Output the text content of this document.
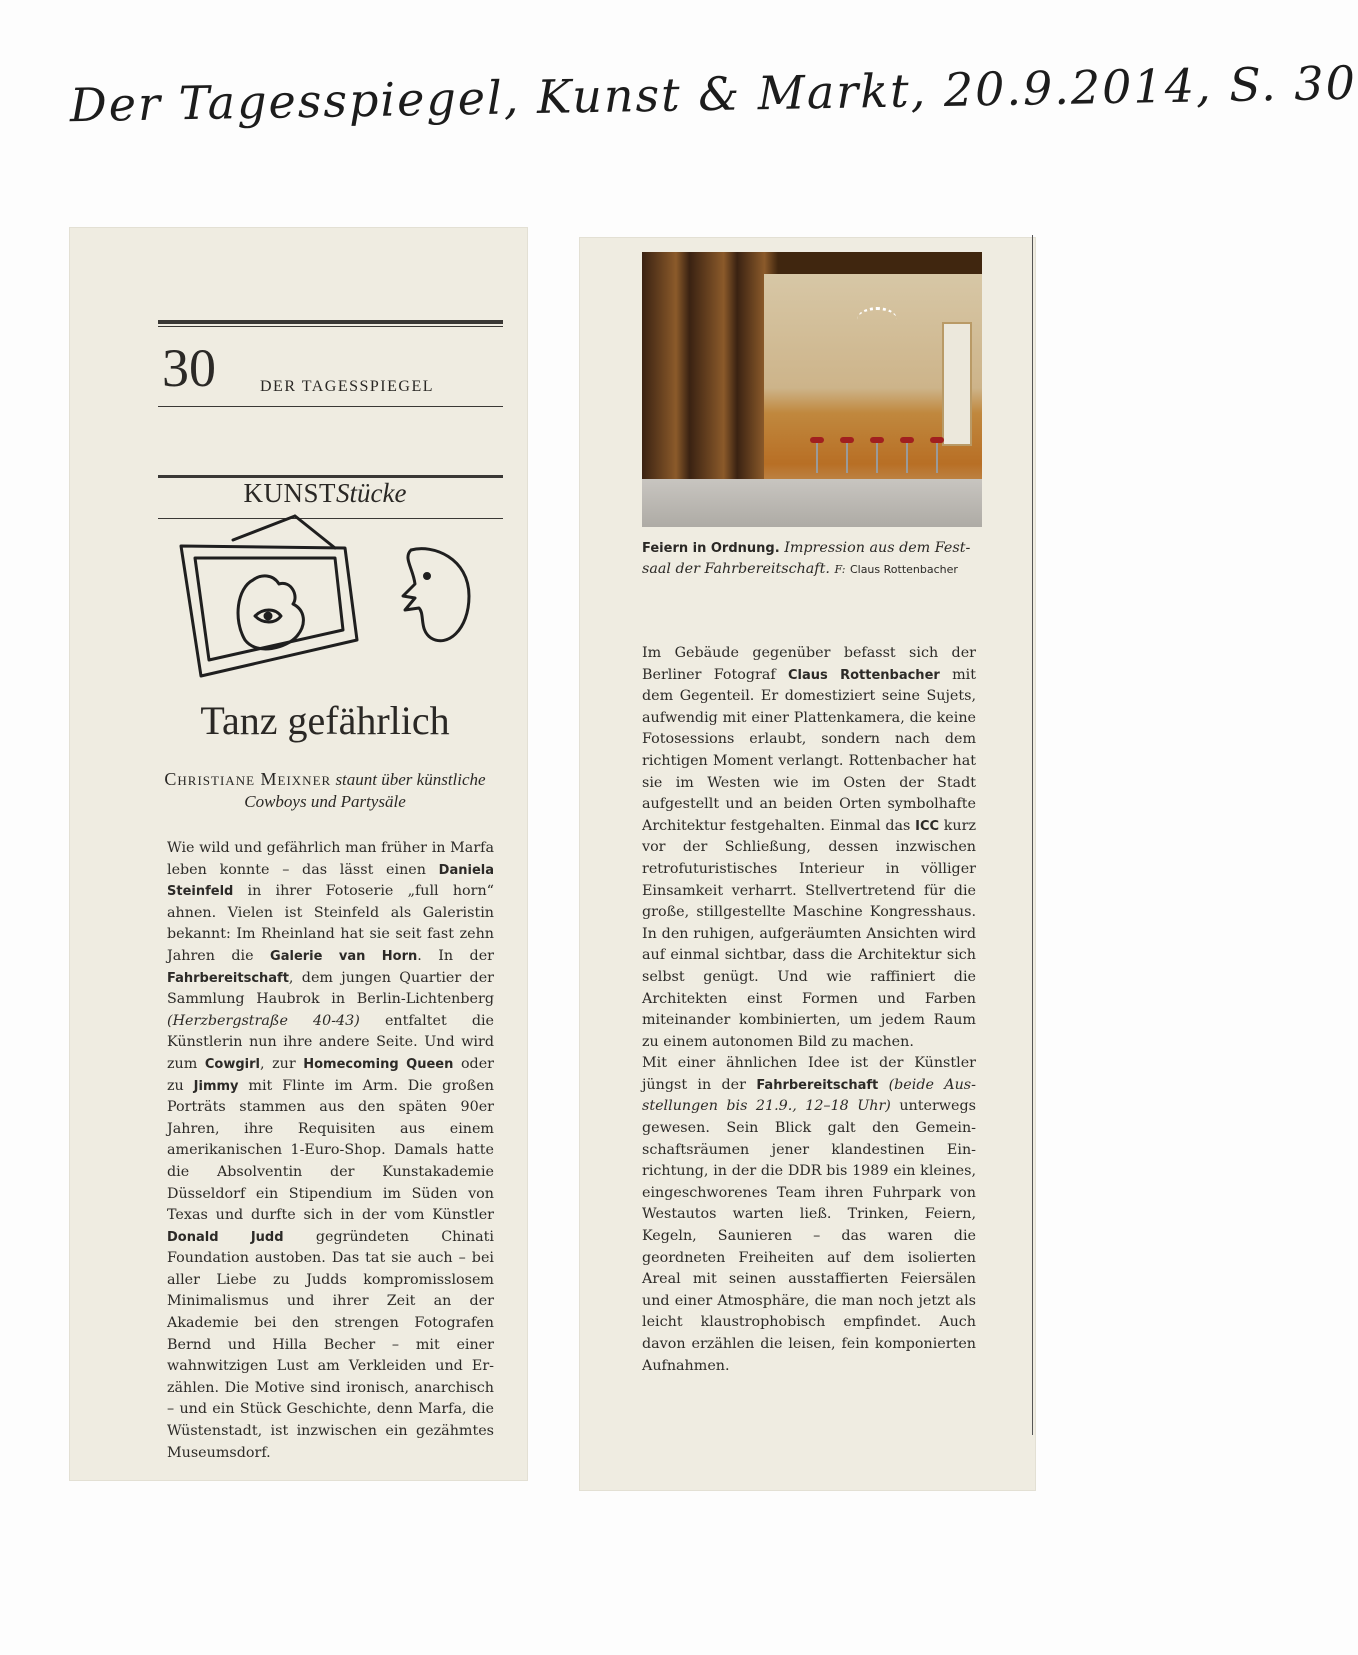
Der Tagesspiegel, Kunst & Markt, 20.9.2014, S. 30
30	DER TAGESSPIEGEL
KUNSTStücke
Tanz gefährlich
Christiane Meixner staunt über künstliche Cowboys und Partysäle

Wie wild und gefährlich man früher in Marfa leben konnte – das lässt einen Daniela Steinfeld in ihrer Fotoserie „full horn“ ahnen. Vielen ist Steinfeld als Galeristin bekannt: Im Rheinland hat sie seit fast zehn Jahren die Galerie van Horn. In der Fahrbereitschaft, dem jungen Quartier der Sammlung Haubrok in Berlin-Lichtenberg (Herzbergstraße 40-43) entfaltet die Künstlerin nun ihre andere Seite. Und wird zum Cowgirl, zur Homecoming Queen oder zu Jimmy mit Flinte im Arm. Die großen Porträts stammen aus den späten 90er Jahren, ihre Requisiten aus einem amerikanischen 1-Euro-Shop. Damals hatte die Absolventin der Kunstakademie Düsseldorf ein Stipendium im Süden von Texas und durfte sich in der vom Künstler Donald Judd gegründeten Chinati Foundation austoben. Das tat sie auch – bei aller Liebe zu Judds kompromisslosem Minimalismus und ihrer Zeit an der Akademie bei den strengen Fotografen Bernd und Hilla Becher – mit einer wahnwitzigen Lust am Verkleiden und Erzählen. Die Motive sind ironisch, anarchisch – und ein Stück Geschichte, denn Marfa, die Wüstenstadt, ist inzwischen ein gezähmtes Museumsdorf.

Feiern in Ordnung. Impression aus dem Festsaal der Fahrbereitschaft. F: Claus Rottenbacher

Im Gebäude gegenüber befasst sich der Berliner Fotograf Claus Rottenbacher mit dem Gegenteil. Er domestiziert seine Sujets, aufwendig mit einer Plattenkamera, die keine Fotosessions erlaubt, sondern nach dem richtigen Moment verlangt. Rottenbacher hat sie im Westen wie im Osten der Stadt aufgestellt und an beiden Orten symbolhafte Architektur festgehalten. Einmal das ICC kurz vor der Schließung, dessen inzwischen retrofuturistisches Interieur in völliger Einsamkeit verharrt. Stellvertretend für die große, stillgestellte Maschine Kongresshaus. In den ruhigen, aufgeräumten Ansichten wird auf einmal sichtbar, dass die Architektur sich selbst genügt. Und wie raffiniert die Architekten einst Formen und Farben miteinander kombinierten, um jedem Raum zu einem autonomen Bild zu machen.

Mit einer ähnlichen Idee ist der Künstler jüngst in der Fahrbereitschaft (beide Ausstellungen bis 21.9., 12–18 Uhr) unterwegs gewesen. Sein Blick galt den Gemeinschaftsräumen jener klandestinen Einrichtung, in der die DDR bis 1989 ein kleines, eingeschworenes Team ihren Fuhrpark von Westautos warten ließ. Trinken, Feiern, Kegeln, Saunieren – das waren die geordneten Freiheiten auf dem isolierten Areal mit seinen ausstaffierten Feiersälen und einer Atmosphäre, die man noch jetzt als leicht klaustrophobisch empfindet. Auch davon erzählen die leisen, fein komponierten Aufnahmen.
